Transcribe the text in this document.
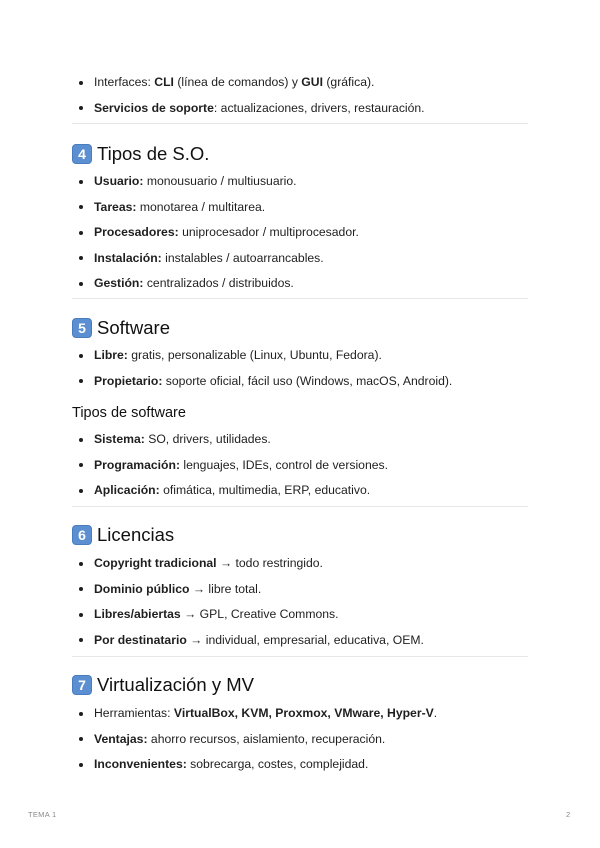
Interfaces: CLI (línea de comandos) y GUI (gráfica).
Servicios de soporte: actualizaciones, drivers, restauración.
4 Tipos de S.O.
Usuario: monousuario / multiusuario.
Tareas: monotarea / multitarea.
Procesadores: uniprocesador / multiprocesador.
Instalación: instalables / autoarrancables.
Gestión: centralizados / distribuidos.
5 Software
Libre: gratis, personalizable (Linux, Ubuntu, Fedora).
Propietario: soporte oficial, fácil uso (Windows, macOS, Android).
Tipos de software
Sistema: SO, drivers, utilidades.
Programación: lenguajes, IDEs, control de versiones.
Aplicación: ofimática, multimedia, ERP, educativo.
6 Licencias
Copyright tradicional → todo restringido.
Dominio público → libre total.
Libres/abiertas → GPL, Creative Commons.
Por destinatario → individual, empresarial, educativa, OEM.
7 Virtualización y MV
Herramientas: VirtualBox, KVM, Proxmox, VMware, Hyper-V.
Ventajas: ahorro recursos, aislamiento, recuperación.
Inconvenientes: sobrecarga, costes, complejidad.
TEMA 1	2
